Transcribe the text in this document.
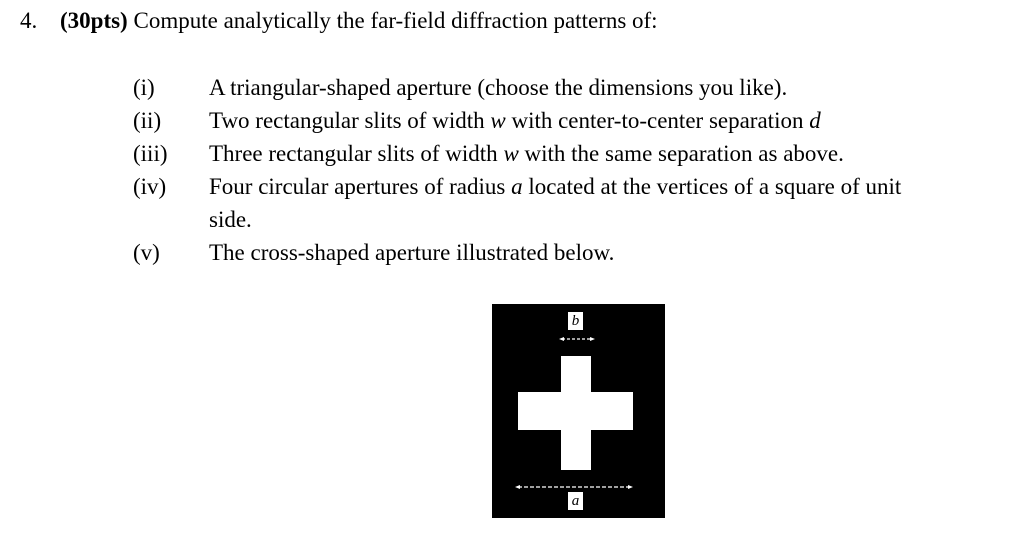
4. (30pts) Compute analytically the far-field diffraction patterns of:
(i) A triangular-shaped aperture (choose the dimensions you like).
(ii) Two rectangular slits of width w with center-to-center separation d
(iii) Three rectangular slits of width w with the same separation as above.
(iv) Four circular apertures of radius a located at the vertices of a square of unit side.
(v) The cross-shaped aperture illustrated below.
b
a
